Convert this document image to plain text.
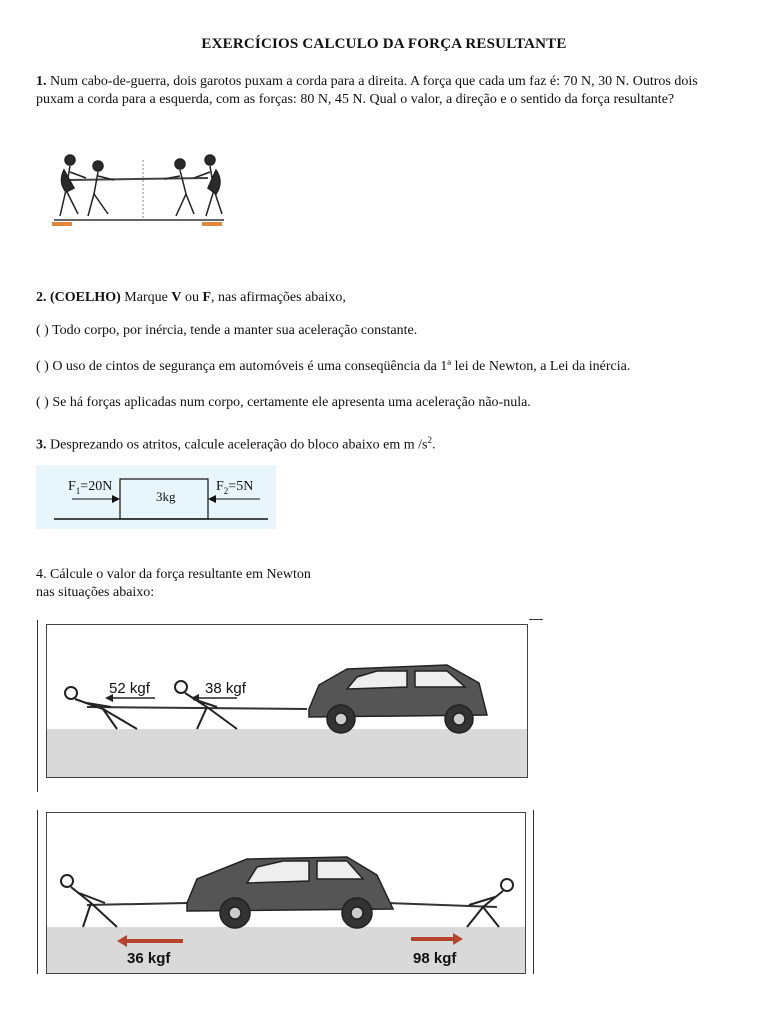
EXERCÍCIOS CALCULO DA FORÇA RESULTANTE
1. Num cabo-de-guerra, dois garotos puxam a corda para a direita. A força que cada um faz é: 70 N, 30 N. Outros dois puxam a corda para a esquerda, com as forças: 80 N, 45 N. Qual o valor, a direção e o sentido da força resultante?
2. (COELHO) Marque V ou F, nas afirmações abaixo,
( ) Todo corpo, por inércia, tende a manter sua aceleração constante.
( ) O uso de cintos de segurança em automóveis é uma conseqüência da 1ª lei de Newton, a Lei da inércia.
( ) Se há forças aplicadas num corpo, certamente ele apresenta uma aceleração não-nula.
3. Desprezando os atritos, calcule aceleração do bloco abaixo em m $/s^2$.
$F_1=20N$
3kg
$F_2=5N$
4. Cálcule o valor da força resultante em Newton
nas situações abaixo:
52 kgf	38 kgf
36 kgf	98 kgf
